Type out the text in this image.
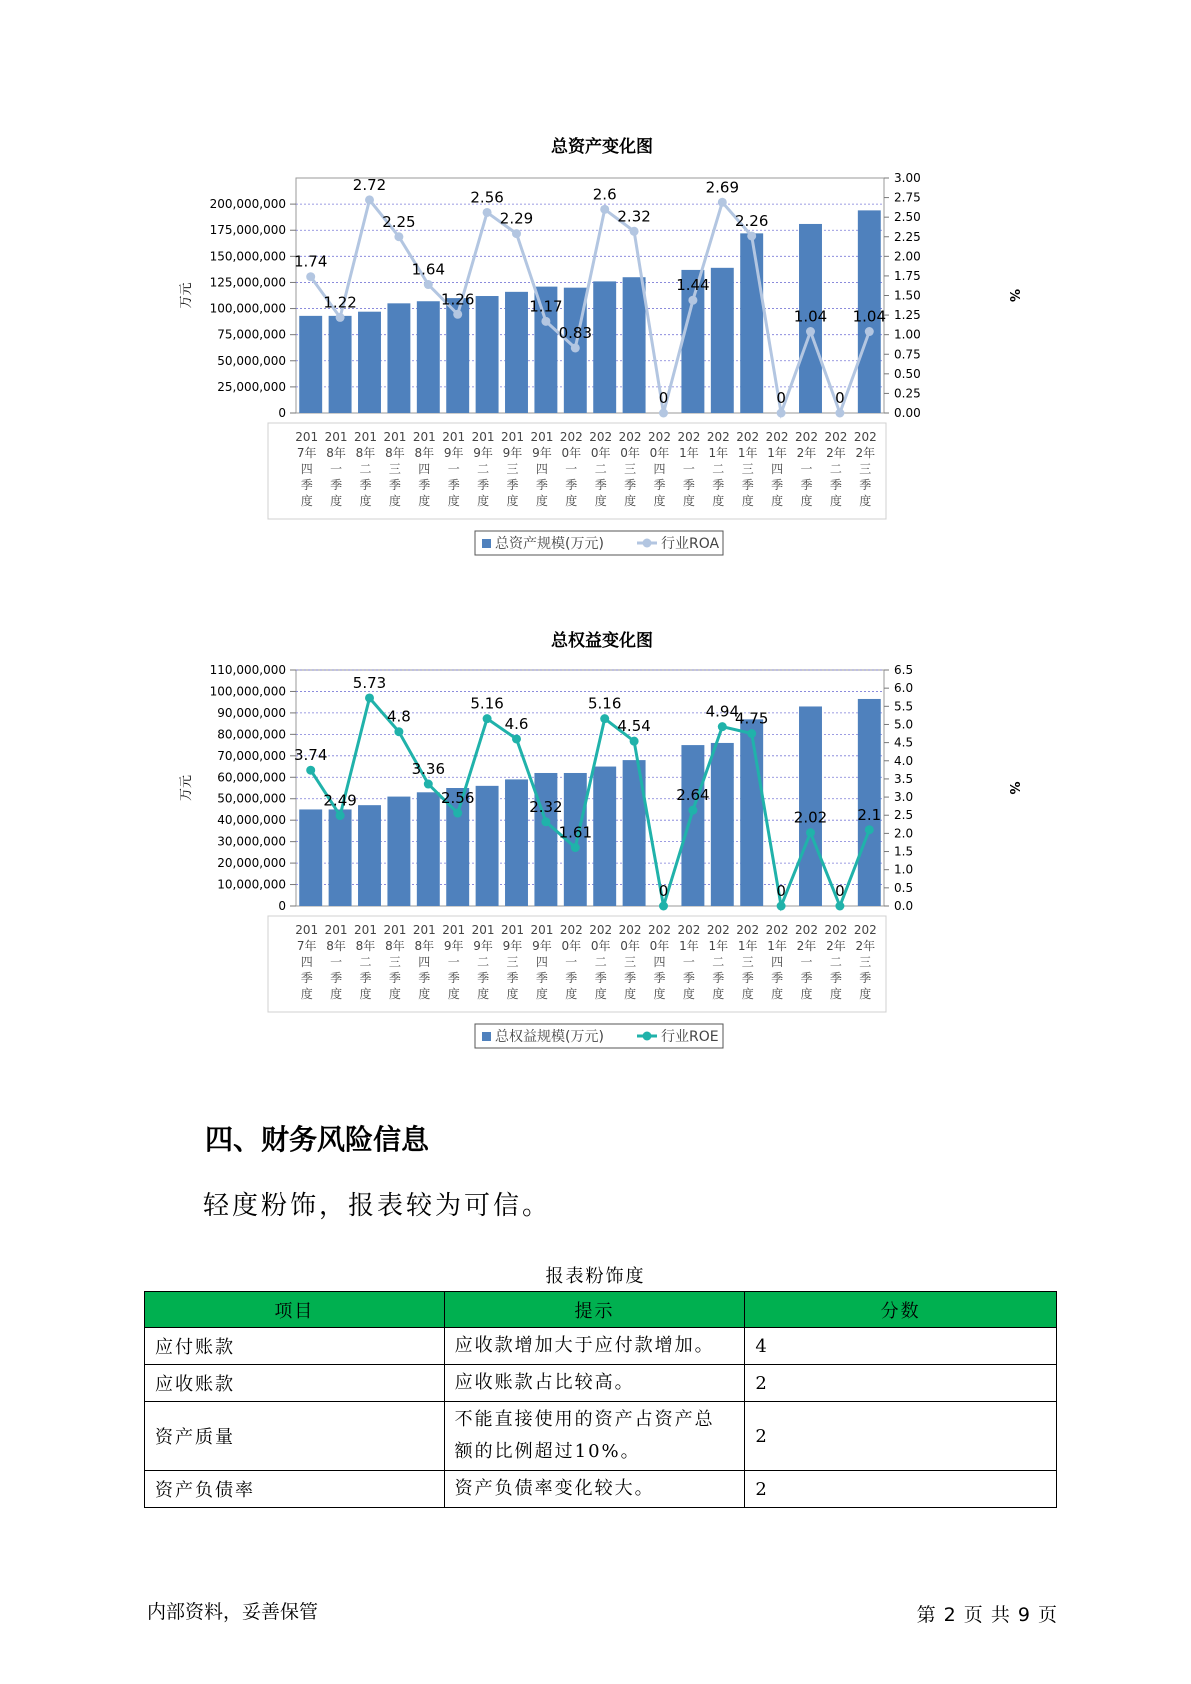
总资产变化图
0
25,000,000
50,000,000
75,000,000
100,000,000
125,000,000
150,000,000
175,000,000
200,000,000
0.00
0.25
0.50
0.75
1.00
1.25
1.50
1.75
2.00
2.25
2.50
2.75
3.00
万元	%
1.74
1.22
2.72
2.25
1.64
1.26
2.56
2.29
1.17
0.83
2.6
2.32
0
1.44
2.69
2.26
0
1.04
0
1.04
201 7年四季度
201 8年一季度
201 8年二季度
201 8年三季度
201 8年四季度
201 9年一季度
201 9年二季度
201 9年三季度
201 9年四季度
202 0年一季度
202 0年二季度
202 0年三季度
202 0年四季度
202 1年一季度
202 1年二季度
202 1年三季度
202 1年四季度
202 2年一季度
202 2年二季度
202 2年三季度
总资产规模(万元)	行业ROA
总权益变化图
0
10,000,000
20,000,000
30,000,000
40,000,000
50,000,000
60,000,000
70,000,000
80,000,000
90,000,000
100,000,000
110,000,000
0.0
0.5
1.0
1.5
2.0
2.5
3.0
3.5
4.0
4.5
5.0
5.5
6.0
6.5
万元	%
3.74
2.49
5.73
4.8
3.36
2.56
5.16
4.6
2.32
1.61
5.16
4.54
0
2.64
4.94
4.75
0
2.02
0
2.1
201 7年四季度
201 8年一季度
201 8年二季度
201 8年三季度
201 8年四季度
201 9年一季度
201 9年二季度
201 9年三季度
201 9年四季度
202 0年一季度
202 0年二季度
202 0年三季度
202 0年四季度
202 1年一季度
202 1年二季度
202 1年三季度
202 1年四季度
202 2年一季度
202 2年二季度
202 2年三季度
总权益规模(万元)	行业ROE
四、财务风险信息

轻度粉饰，报表较为可信。

报表粉饰度
项目	提示	分数
应付账款	应收款增加大于应付款增加。	4
应收账款	应收账款占比较高。	2
资产质量	不能直接使用的资产占资产总额的比例超过10%。	2
资产负债率	资产负债率变化较大。	2
内部资料，妥善保管	第 2 页 共 9 页
